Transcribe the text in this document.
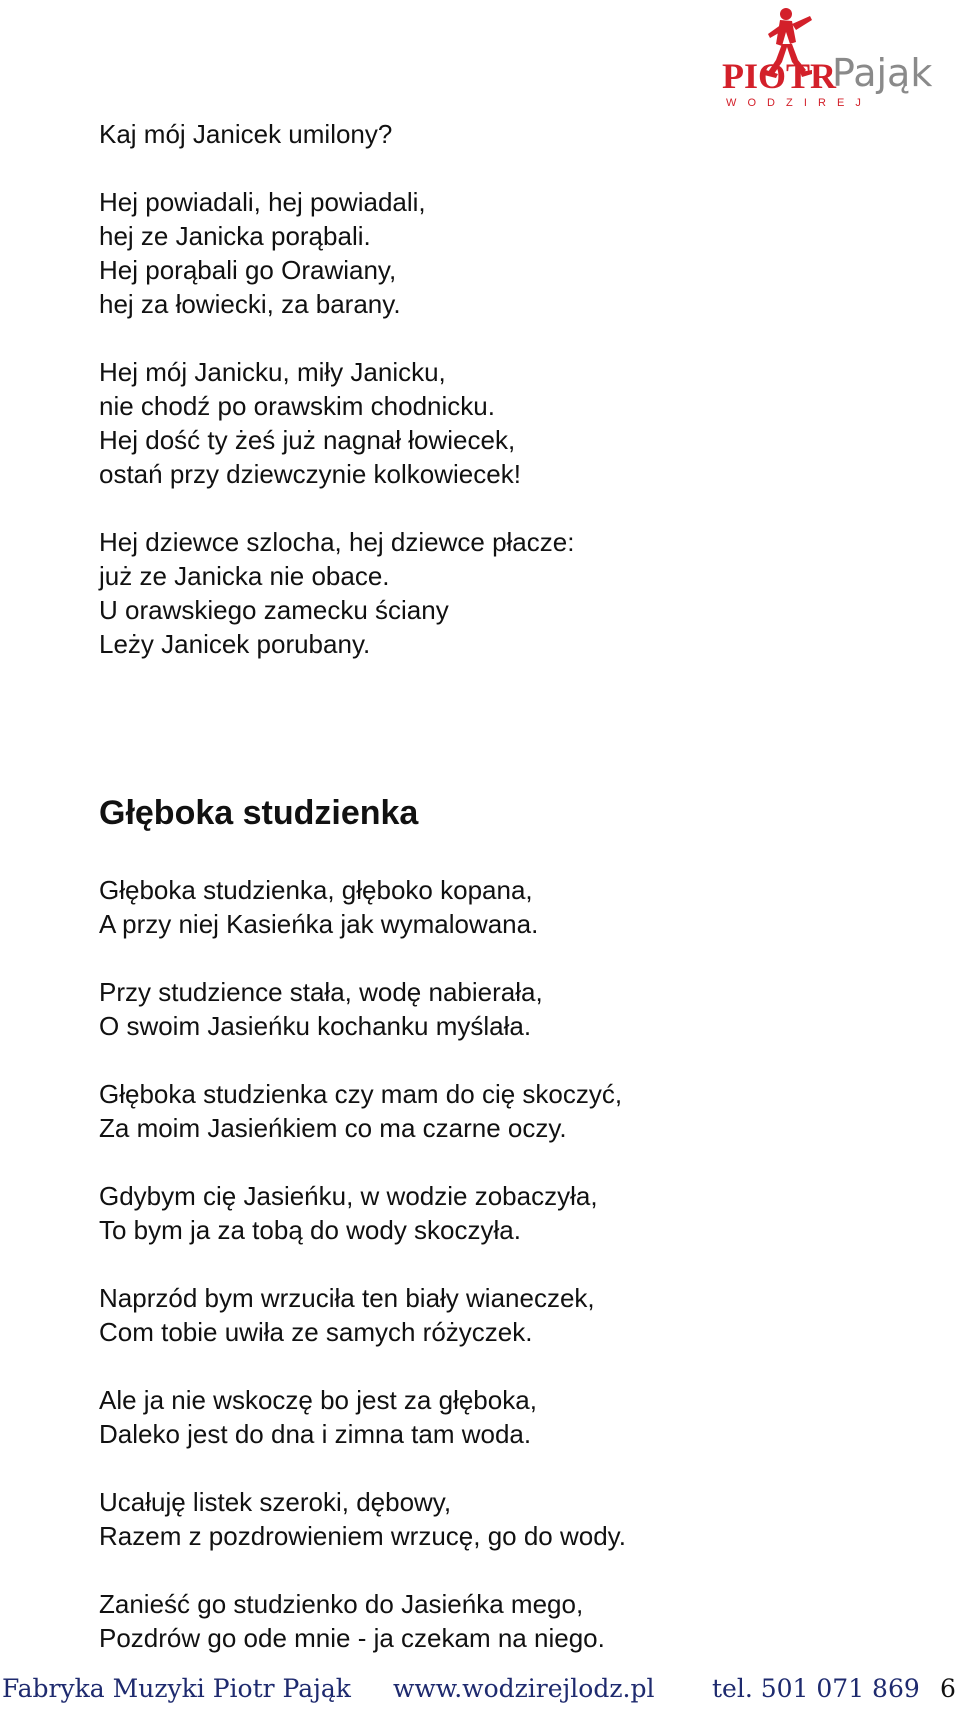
PIOTR
Pająk
W O D Z I R E J
Kaj mój Janicek umilony?
Hej powiadali, hej powiadali,
hej ze Janicka porąbali.
Hej porąbali go Orawiany,
hej za łowiecki, za barany.
Hej mój Janicku, miły Janicku,
nie chodź po orawskim chodnicku.
Hej dość ty żeś już nagnał łowiecek,
ostań przy dziewczynie kolkowiecek!
Hej dziewce szlocha, hej dziewce płacze:
już ze Janicka nie obace.
U orawskiego zamecku ściany
Leży Janicek porubany.
Głęboka studzienka
Głęboka studzienka, głęboko kopana,
A przy niej Kasieńka jak wymalowana.
Przy studzience stała, wodę nabierała,
O swoim Jasieńku kochanku myślała.
Głęboka studzienka czy mam do cię skoczyć,
Za moim Jasieńkiem co ma czarne oczy.
Gdybym cię Jasieńku, w wodzie zobaczyła,
To bym ja za tobą do wody skoczyła.
Naprzód bym wrzuciła ten biały wianeczek,
Com tobie uwiła ze samych różyczek.
Ale ja nie wskoczę bo jest za głęboka,
Daleko jest do dna i zimna tam woda.
Ucałuję listek szeroki, dębowy,
Razem z pozdrowieniem wrzucę, go do wody.
Zanieść go studzienko do Jasieńka mego,
Pozdrów go ode mnie - ja czekam na niego.
Fabryka Muzyki Piotr Pająk www.wodzirejlodz.pl tel. 501 071 869 6
